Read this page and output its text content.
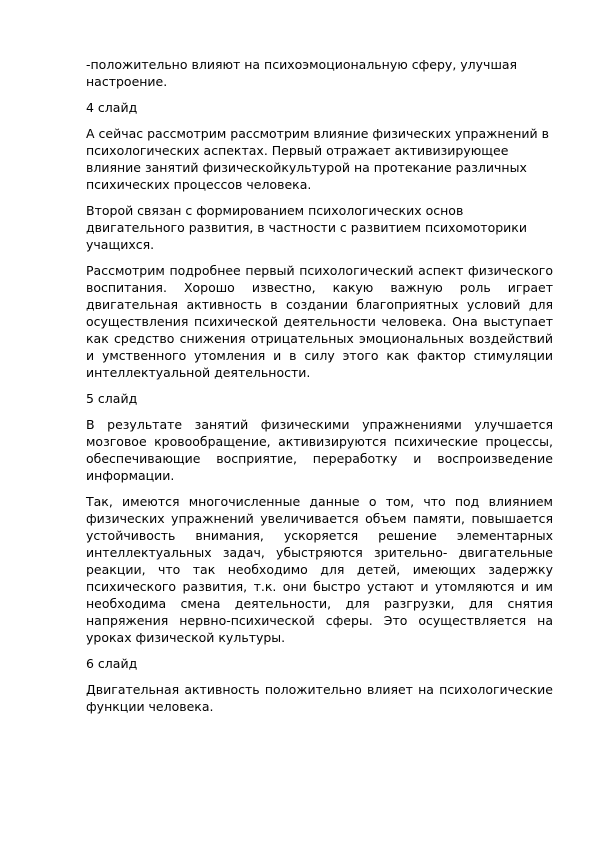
-положительно влияют на психоэмоциональную сферу, улучшая настроение.

4 слайд

А сейчас рассмотрим рассмотрим влияние физических упражнений в психологических аспектах. Первый отражает активизирующее влияние занятий физическойкультурой на протекание различных психических процессов человека.

Второй связан с формированием психологических основ двигательного развития, в частности с развитием психомоторики учащихся.

Рассмотрим подробнее первый психологический аспект физического воспитания. Хорошо известно, какую важную роль играет двигательная активность в создании благоприятных условий для осуществления психической деятельности человека. Она выступает как средство снижения отрицательных эмоциональных воздействий и умственного утомления и в силу этого как фактор стимуляции интеллектуальной деятельности.

5 слайд

В результате занятий физическими упражнениями улучшается мозговое кровообращение, активизируются психические процессы, обеспечивающие восприятие, переработку и воспроизведение информации.

Так, имеются многочисленные данные о том, что под влиянием физических упражнений увеличивается объем памяти, повышается устойчивость внимания, ускоряется решение элементарных интеллектуальных задач, убыстряются зрительно- двигательные реакции, что так необходимо для детей, имеющих задержку психического развития, т.к. они быстро устают и утомляются и им необходима смена деятельности, для разгрузки, для снятия напряжения нервно-психической сферы. Это осуществляется на уроках физической культуры.

6 слайд

Двигательная активность положительно влияет на психологические функции человека.
